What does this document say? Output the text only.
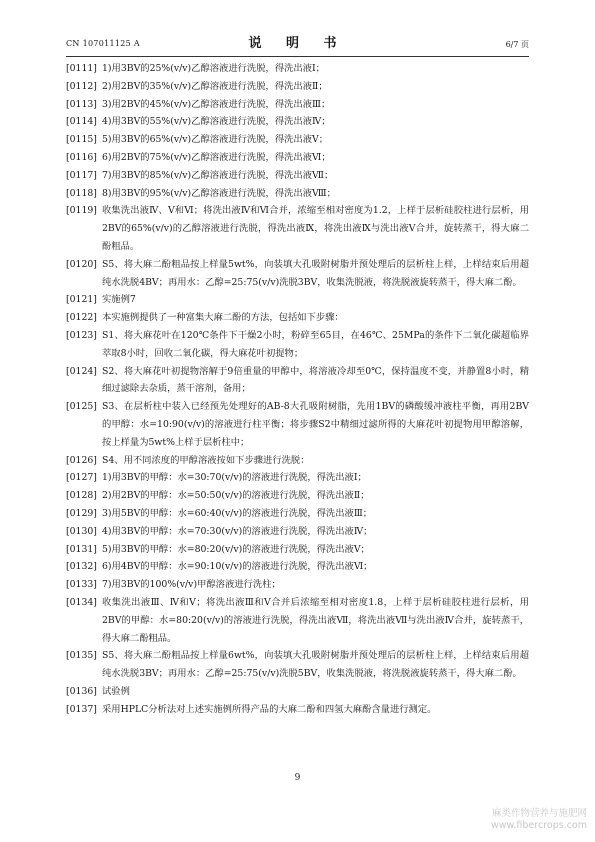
CN 107011125 A	说 明 书	6/7 页
[0111] 1)用3BV的25%(v/v)乙醇溶液进行洗脱，得洗出液Ⅰ；
[0112] 2)用2BV的35%(v/v)乙醇溶液进行洗脱，得洗出液Ⅱ；
[0113] 3)用2BV的45%(v/v)乙醇溶液进行洗脱，得洗出液Ⅲ；
[0114] 4)用3BV的55%(v/v)乙醇溶液进行洗脱，得洗出液Ⅳ；
[0115] 5)用3BV的65%(v/v)乙醇溶液进行洗脱，得洗出液Ⅴ；
[0116] 6)用2BV的75%(v/v)乙醇溶液进行洗脱，得洗出液Ⅵ；
[0117] 7)用3BV的85%(v/v)乙醇溶液进行洗脱，得洗出液Ⅶ；
[0118] 8)用3BV的95%(v/v)乙醇溶液进行洗脱，得洗出液Ⅷ；
[0119] 收集洗出液Ⅳ、Ⅴ和Ⅵ；将洗出液Ⅳ和Ⅵ合并，浓缩至相对密度为1.2，上样于层析硅胶柱进行层析，用2BV的65%(v/v)的乙醇溶液进行洗脱，得洗出液Ⅸ，将洗出液Ⅸ与洗出液Ⅴ合并，旋转蒸干，得大麻二酚粗品。
[0120] S5、将大麻二酚粗品按上样量5wt%，向装填大孔吸附树脂并预处理后的层析柱上样，上样结束后用超纯水洗脱4BV；再用水：乙醇=25:75(v/v)洗脱3BV，收集洗脱液，将洗脱液旋转蒸干，得大麻二酚。
[0121] 实施例7
[0122] 本实施例提供了一种富集大麻二酚的方法，包括如下步骤：
[0123] S1、将大麻花叶在120℃条件下干燥2小时，粉碎至65目，在46℃、25MPa的条件下二氧化碳超临界萃取8小时，回收二氧化碳，得大麻花叶初提物；
[0124] S2、将大麻花叶初提物溶解于9倍重量的甲醇中，将溶液冷却至0℃，保持温度不变，并静置8小时，精细过滤除去杂质，蒸干溶剂，备用；
[0125] S3、在层析柱中装入已经预先处理好的AB-8大孔吸附树脂，先用1BV的磷酸缓冲液柱平衡，再用2BV的甲醇：水=10:90(v/v)的溶液进行柱平衡；将步骤S2中精细过滤所得的大麻花叶初提物用甲醇溶解，按上样量为5wt%上样于层析柱中；
[0126] S4、用不同浓度的甲醇溶液按如下步骤进行洗脱：
[0127] 1)用3BV的甲醇：水=30:70(v/v)的溶液进行洗脱，得洗出液Ⅰ；
[0128] 2)用2BV的甲醇：水=50:50(v/v)的溶液进行洗脱，得洗出液Ⅱ；
[0129] 3)用5BV的甲醇：水=60:40(v/v)的溶液进行洗脱，得洗出液Ⅲ；
[0130] 4)用3BV的甲醇：水=70:30(v/v)的溶液进行洗脱，得洗出液Ⅳ；
[0131] 5)用3BV的甲醇：水=80:20(v/v)的溶液进行洗脱，得洗出液Ⅴ；
[0132] 6)用4BV的甲醇：水=90:10(v/v)的溶液进行洗脱，得洗出液Ⅵ；
[0133] 7)用3BV的100%(v/v)甲醇溶液进行洗柱；
[0134] 收集洗出液Ⅲ、Ⅳ和Ⅴ；将洗出液Ⅲ和Ⅴ合并后浓缩至相对密度1.8，上样于层析硅胶柱进行层析，用2BV的甲醇：水=80:20(v/v)的溶液进行洗脱，得洗出液Ⅶ，将洗出液Ⅶ与洗出液Ⅳ合并，旋转蒸干，得大麻二酚粗品。
[0135] S5、将大麻二酚粗品按上样量6wt%，向装填大孔吸附树脂并预处理后的层析柱上样，上样结束后用超纯水洗脱3BV；再用水：乙醇=25:75(v/v)洗脱5BV，收集洗脱液，将洗脱液旋转蒸干，得大麻二酚。
[0136] 试验例
[0137] 采用HPLC分析法对上述实施例所得产品的大麻二酚和四氢大麻酚含量进行测定。
9
麻类作物营养与施肥网
www.fibercrops.com
